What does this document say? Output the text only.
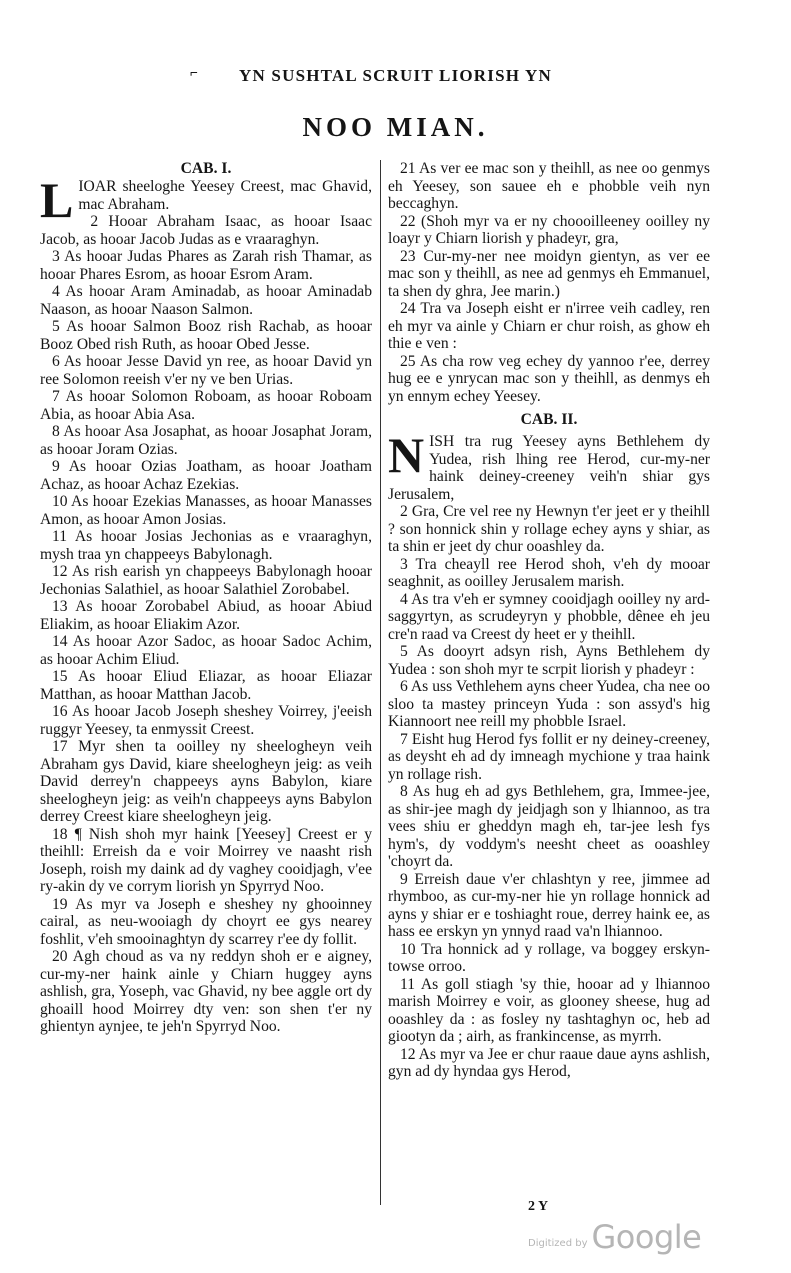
⌐ YN SUSHTAL SCRUIT LIORISH YN
NOO MIAN.

CAB. I.

LIOAR sheeloghe Yeesey Creest, mac Ghavid, mac Abraham.

2 Hooar Abraham Isaac, as hooar Isaac Jacob, as hooar Jacob Judas as e vraaraghyn.

3 As hooar Judas Phares as Zarah rish Thamar, as hooar Phares Esrom, as hooar Esrom Aram.

4 As hooar Aram Aminadab, as hooar Aminadab Naason, as hooar Naason Salmon.

5 As hooar Salmon Booz rish Rachab, as hooar Booz Obed rish Ruth, as hooar Obed Jesse.

6 As hooar Jesse David yn ree, as hooar David yn ree Solomon reeish v'er ny ve ben Urias.

7 As hooar Solomon Roboam, as hooar Roboam Abia, as hooar Abia Asa.

8 As hooar Asa Josaphat, as hooar Josaphat Joram, as hooar Joram Ozias.

9 As hooar Ozias Joatham, as hooar Joatham Achaz, as hooar Achaz Ezekias.

10 As hooar Ezekias Manasses, as hooar Manasses Amon, as hooar Amon Josias.

11 As hooar Josias Jechonias as e vraaraghyn, mysh traa yn chappeeys Babylonagh.

12 As rish earish yn chappeeys Babylonagh hooar Jechonias Salathiel, as hooar Salathiel Zorobabel.

13 As hooar Zorobabel Abiud, as hooar Abiud Eliakim, as hooar Eliakim Azor.

14 As hooar Azor Sadoc, as hooar Sadoc Achim, as hooar Achim Eliud.

15 As hooar Eliud Eliazar, as hooar Eliazar Matthan, as hooar Matthan Jacob.

16 As hooar Jacob Joseph sheshey Voirrey, j'eeish ruggyr Yeesey, ta enmyssit Creest.

17 Myr shen ta ooilley ny sheelogheyn veih Abraham gys David, kiare sheelogheyn jeig: as veih David derrey'n chappeeys ayns Babylon, kiare sheelogheyn jeig: as veih'n chappeeys ayns Babylon derrey Creest kiare sheelogheyn jeig.

18 ¶ Nish shoh myr haink [Yeesey] Creest er y theihll: Erreish da e voir Moirrey ve naasht rish Joseph, roish my daink ad dy vaghey cooidjagh, v'ee ry-akin dy ve corrym liorish yn Spyrryd Noo.

19 As myr va Joseph e sheshey ny ghooinney cairal, as neu-wooiagh dy choyrt ee gys nearey foshlit, v'eh smooinaghtyn dy scarrey r'ee dy follit.

20 Agh choud as va ny reddyn shoh er e aigney, cur-my-ner haink ainle y Chiarn huggey ayns ashlish, gra, Yoseph, vac Ghavid, ny bee aggle ort dy ghoaill hood Moirrey dty ven: son shen t'er ny ghientyn aynjee, te jeh'n Spyrryd Noo.

21 As ver ee mac son y theihll, as nee oo genmys eh Yeesey, son sauee eh e phobble veih nyn beccaghyn.

22 (Shoh myr va er ny choooilleeney ooilley ny loayr y Chiarn liorish y phadeyr, gra,

23 Cur-my-ner nee moidyn gientyn, as ver ee mac son y theihll, as nee ad genmys eh Emmanuel, ta shen dy ghra, Jee marin.)

24 Tra va Joseph eisht er n'irree veih cadley, ren eh myr va ainle y Chiarn er chur roish, as ghow eh thie e ven :

25 As cha row veg echey dy yannoo r'ee, derrey hug ee e ynrycan mac son y theihll, as denmys eh yn ennym echey Yeesey.

CAB. II.

NISH tra rug Yeesey ayns Bethlehem dy Yudea, rish lhing ree Herod, cur-my-ner haink deiney-creeney veih'n shiar gys Jerusalem,

2 Gra, Cre vel ree ny Hewnyn t'er jeet er y theihll ? son honnick shin y rollage echey ayns y shiar, as ta shin er jeet dy chur ooashley da.

3 Tra cheayll ree Herod shoh, v'eh dy mooar seaghnit, as ooilley Jerusalem marish.

4 As tra v'eh er symney cooidjagh ooilley ny ard-saggyrtyn, as scrudeyryn y phobble, dênee eh jeu cre'n raad va Creest dy heet er y theihll.

5 As dooyrt adsyn rish, Ayns Bethlehem dy Yudea : son shoh myr te scrpit liorish y phadeyr :

6 As uss Vethlehem ayns cheer Yudea, cha nee oo sloo ta mastey princeyn Yuda : son assyd's hig Kiannoort nee reill my phobble Israel.

7 Eisht hug Herod fys follit er ny deiney-creeney, as deysht eh ad dy imneagh mychione y traa haink yn rollage rish.

8 As hug eh ad gys Bethlehem, gra, Immee-jee, as shir-jee magh dy jeidjagh son y lhiannoo, as tra vees shiu er gheddyn magh eh, tar-jee lesh fys hym's, dy voddym's neesht cheet as ooashley 'choyrt da.

9 Erreish daue v'er chlashtyn y ree, jimmee ad rhymboo, as cur-my-ner hie yn rollage honnick ad ayns y shiar er e toshiaght roue, derrey haink ee, as hass ee erskyn yn ynnyd raad va'n lhiannoo.

10 Tra honnick ad y rollage, va boggey erskyn-towse orroo.

11 As goll stiagh 'sy thie, hooar ad y lhiannoo marish Moirrey e voir, as glooney sheese, hug ad ooashley da : as fosley ny tashtaghyn oc, heb ad giootyn da ; airh, as frankincense, as myrrh.

12 As myr va Jee er chur raaue daue ayns ashlish, gyn ad dy hyndaa gys Herod,

2 Y
Digitized by Google
